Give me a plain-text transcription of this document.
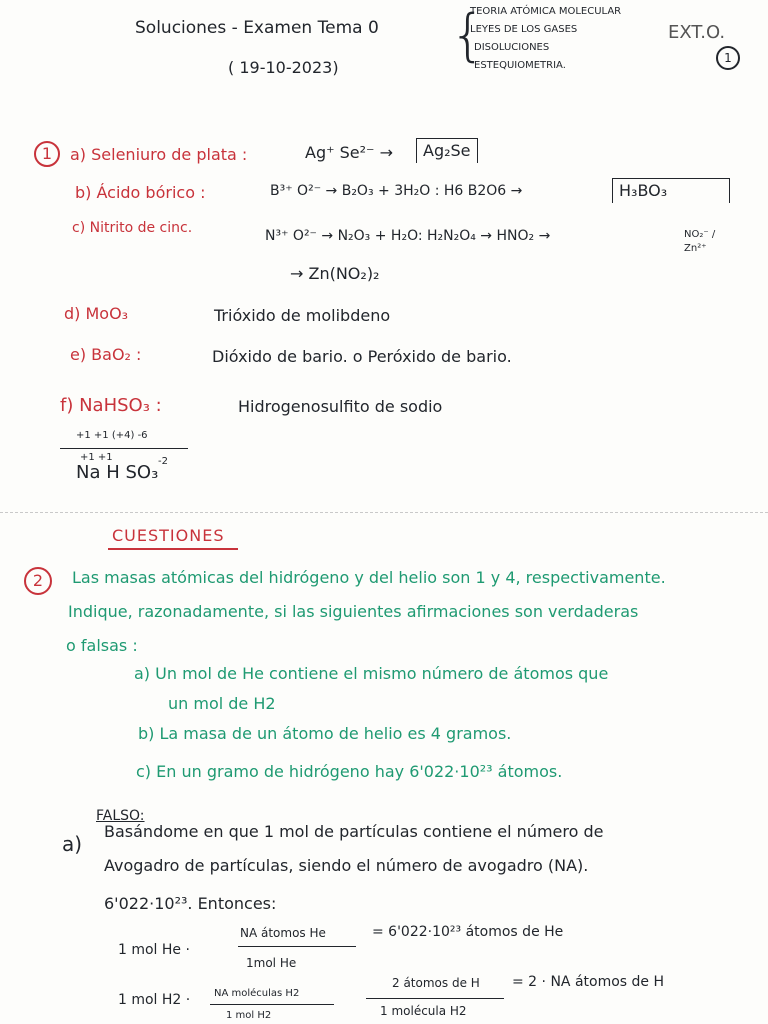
Soluciones - Examen Tema 0
( 19-10-2023) {
TEORIA ATÓMICA MOLECULAR
LEYES DE LOS GASES
DISOLUCIONES
ESTEQUIOMETRIA.
EXT.O.
1
1	a) Seleniuro de plata :	Ag⁺ Se²⁻ →	Ag₂Se
b) Ácido bórico :	B³⁺ O²⁻ → B₂O₃ + 3H₂O : H6 B2O6 →	H₃BO₃
c) Nitrito de cinc.	N³⁺ O²⁻ → N₂O₃ + H₂O: H₂N₂O₄ → HNO₂ →	NO₂⁻ / Zn²⁺
→ Zn(NO₂)₂
d) MoO₃	Trióxido de molibdeno
e) BaO₂ :	Dióxido de bario. o Peróxido de bario.
f) NaHSO₃ :	Hidrogenosulfito de sodio
+1 +1 (+4) -6
+1 +1
Na H SO₃
-2
CUESTIONES
2	Las masas atómicas del hidrógeno y del helio son 1 y 4, respectivamente.
Indique, razonadamente, si las siguientes afirmaciones son verdaderas
o falsas :
a) Un mol de He contiene el mismo número de átomos que
un mol de H2
b) La masa de un átomo de helio es 4 gramos.
c) En un gramo de hidrógeno hay 6'022·10²³ átomos.
FALSO:
a)
Basándome en que 1 mol de partículas contiene el número de
Avogadro de partículas, siendo el número de avogadro (NA).
6'022·10²³. Entonces:
1 mol He ·
NA átomos He
1mol He
= 6'022·10²³ átomos de He
1 mol H2 · NA moléculas H2
1 mol H2
2 átomos de H
1 molécula H2
= 2 · NA átomos de H
